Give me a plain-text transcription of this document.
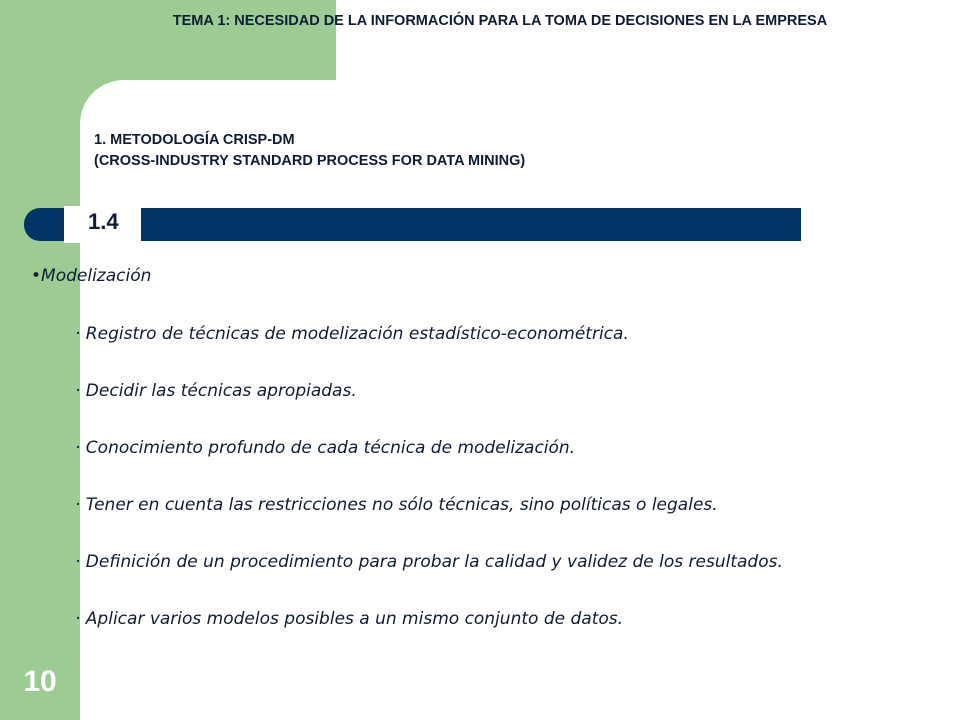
TEMA 1: NECESIDAD DE LA INFORMACIÓN PARA LA TOMA DE DECISIONES EN LA EMPRESA
1. METODOLOGÍA CRISP-DM
(CROSS-INDUSTRY STANDARD PROCESS FOR DATA MINING)
1.4
•Modelización
· Registro de técnicas de modelización estadístico-econométrica.
· Decidir las técnicas apropiadas.
· Conocimiento profundo de cada técnica de modelización.
· Tener en cuenta las restricciones no sólo técnicas, sino políticas o legales.
· Definición de un procedimiento para probar la calidad y validez de los resultados.
· Aplicar varios modelos posibles a un mismo conjunto de datos.
10
